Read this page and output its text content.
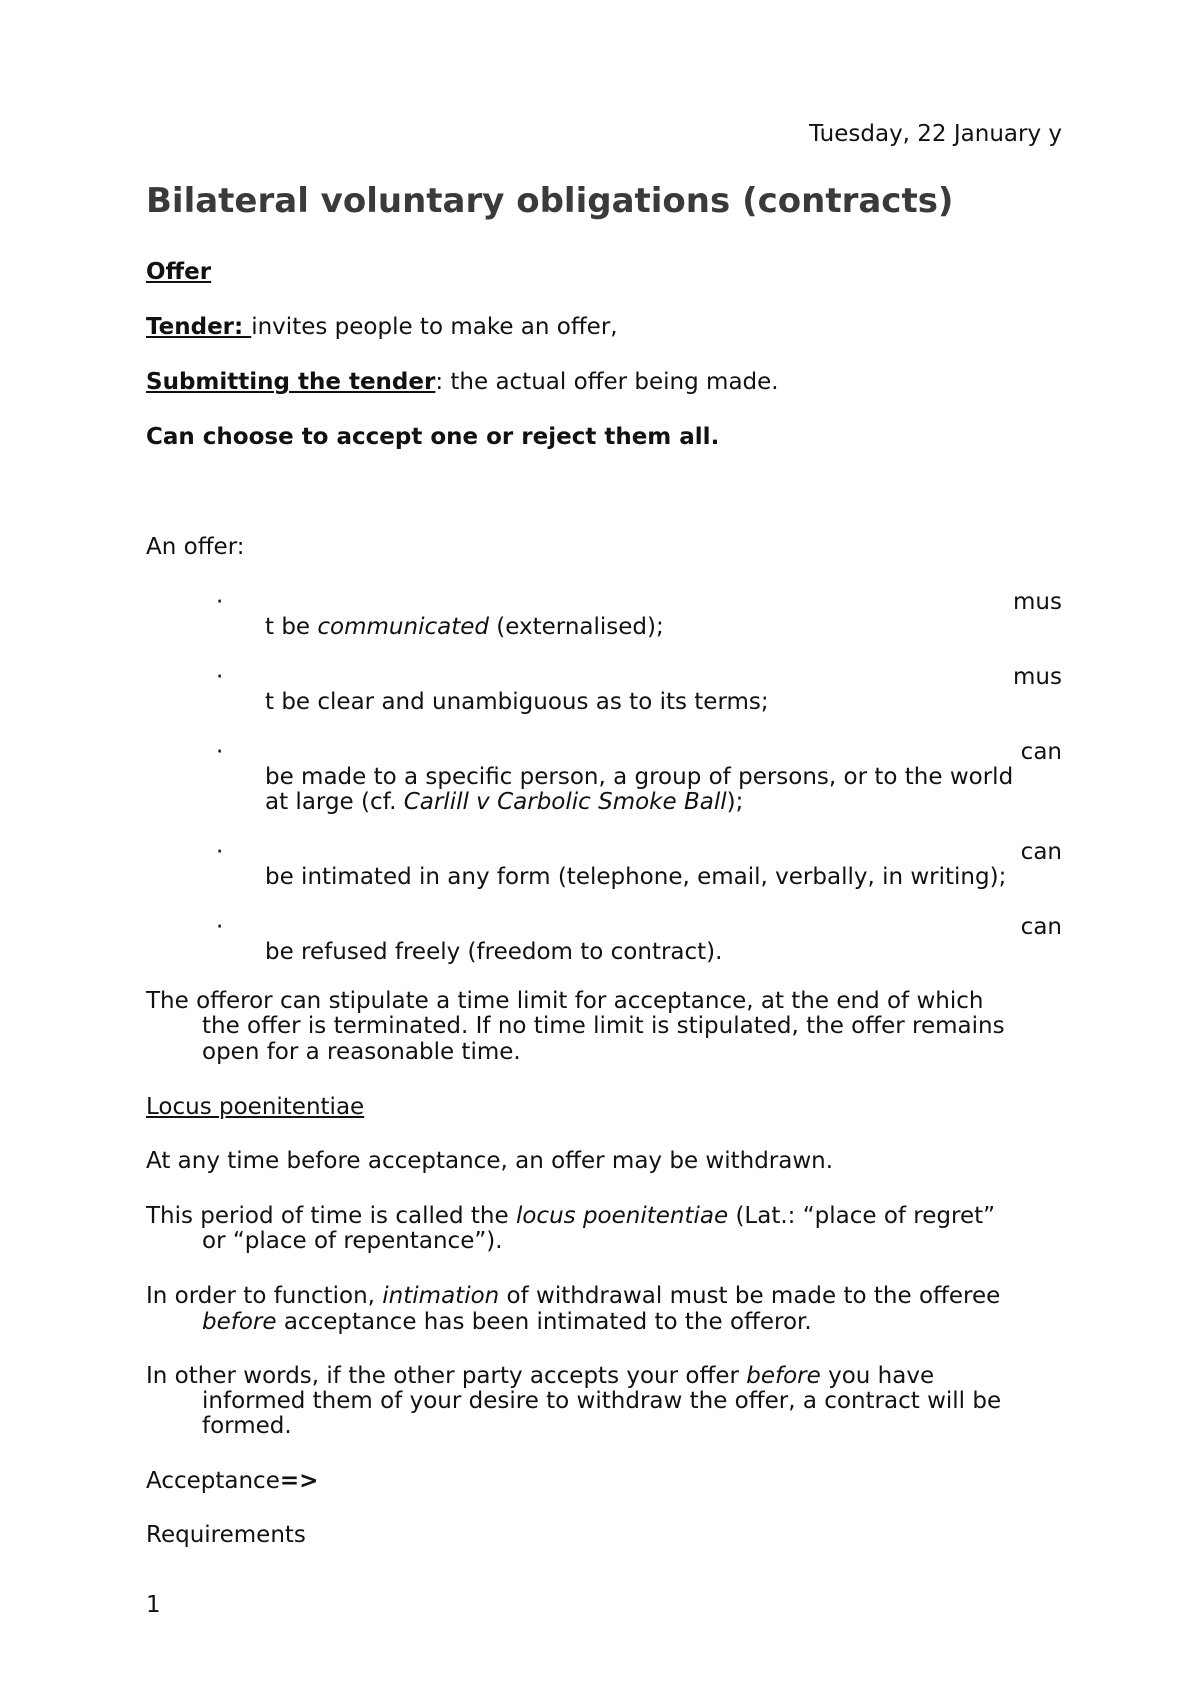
Tuesday, 22 January y
Bilateral voluntary obligations (contracts)
Offer
Tender: invites people to make an offer,
Submitting the tender: the actual offer being made.
Can choose to accept one or reject them all.
An offer:
·	mus
t be communicated (externalised);
·	mus
t be clear and unambiguous as to its terms;
·	can
be made to a specific person, a group of persons, or to the world
at large (cf. Carlill v Carbolic Smoke Ball);
·	can
be intimated in any form (telephone, email, verbally, in writing);
·	can
be refused freely (freedom to contract).
The offeror can stipulate a time limit for acceptance, at the end of which
the offer is terminated. If no time limit is stipulated, the offer remains
open for a reasonable time.
Locus poenitentiae
At any time before acceptance, an offer may be withdrawn.
This period of time is called the locus poenitentiae (Lat.: “place of regret”
or “place of repentance”).
In order to function, intimation of withdrawal must be made to the offeree
before acceptance has been intimated to the offeror.
In other words, if the other party accepts your offer before you have
informed them of your desire to withdraw the offer, a contract will be
formed.
Acceptance=>
Requirements
1
